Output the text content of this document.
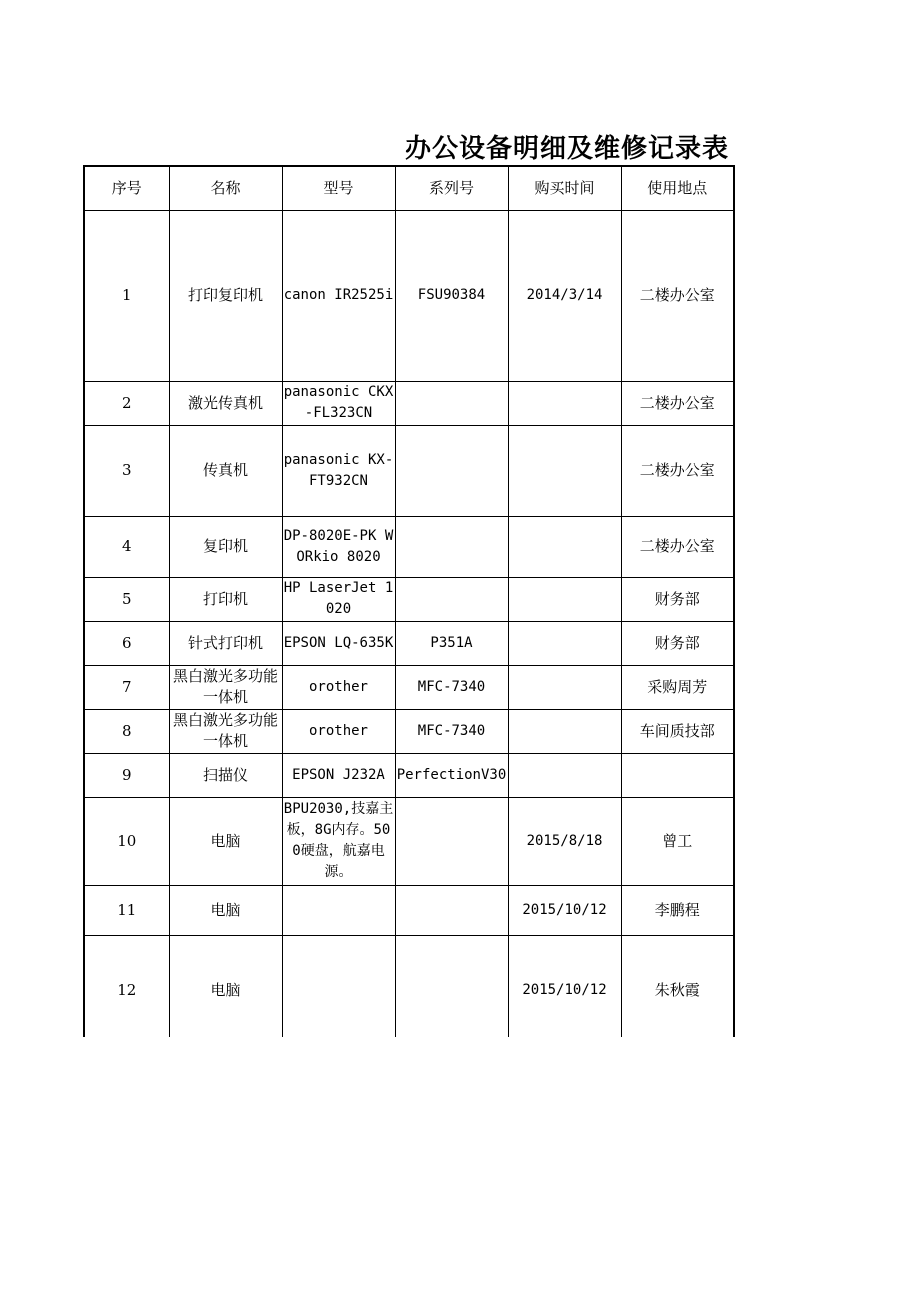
办公设备明细及维修记录表
序号	名称	型号	系列号	购买时间	使用地点
1	打印复印机	canon IR2525i	FSU90384	2014/3/14	二楼办公室
2	激光传真机	panasonic CKX-FL323CN			二楼办公室
3	传真机	panasonic KX-FT932CN			二楼办公室
4	复印机	DP-8020E-PK WORkio 8020			二楼办公室
5	打印机	HP LaserJet 1020			财务部
6	针式打印机	EPSON LQ-635K	P351A		财务部
7	黑白激光多功能一体机	orother	MFC-7340		采购周芳
8	黑白激光多功能一体机	orother	MFC-7340		车间质技部
9	扫描仪	EPSON J232A	PerfectionV30		
10	电脑	BPU2030,技嘉主板，8G内存。500硬盘，航嘉电源。		2015/8/18	曾工
11	电脑			2015/10/12	李鹏程
12	电脑			2015/10/12	朱秋霞
